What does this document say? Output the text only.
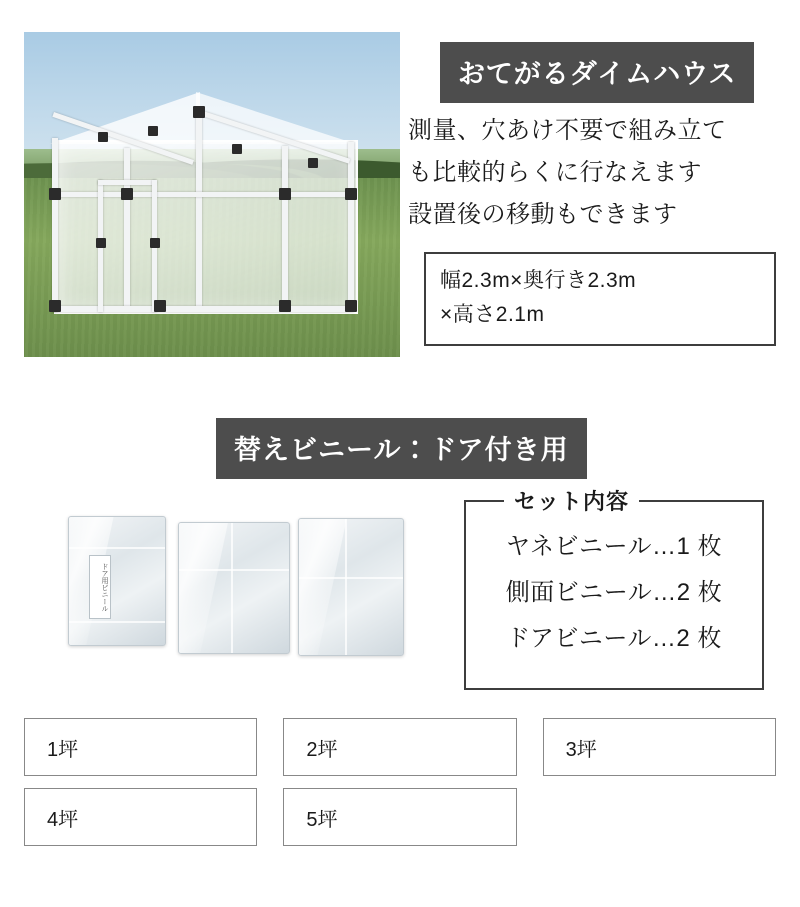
おてがるダイムハウス
測量、穴あけ不要で組み立て
も比較的らくに行なえます
設置後の移動もできます
幅2.3m×奥行き2.3m
×高さ2.1m
替えビニール：ドア付き用
ドア用ビニール
セット内容
ヤネビニール…1 枚
側面ビニール…2 枚
ドアビニール…2 枚
1坪	2坪	3坪
4坪	5坪
